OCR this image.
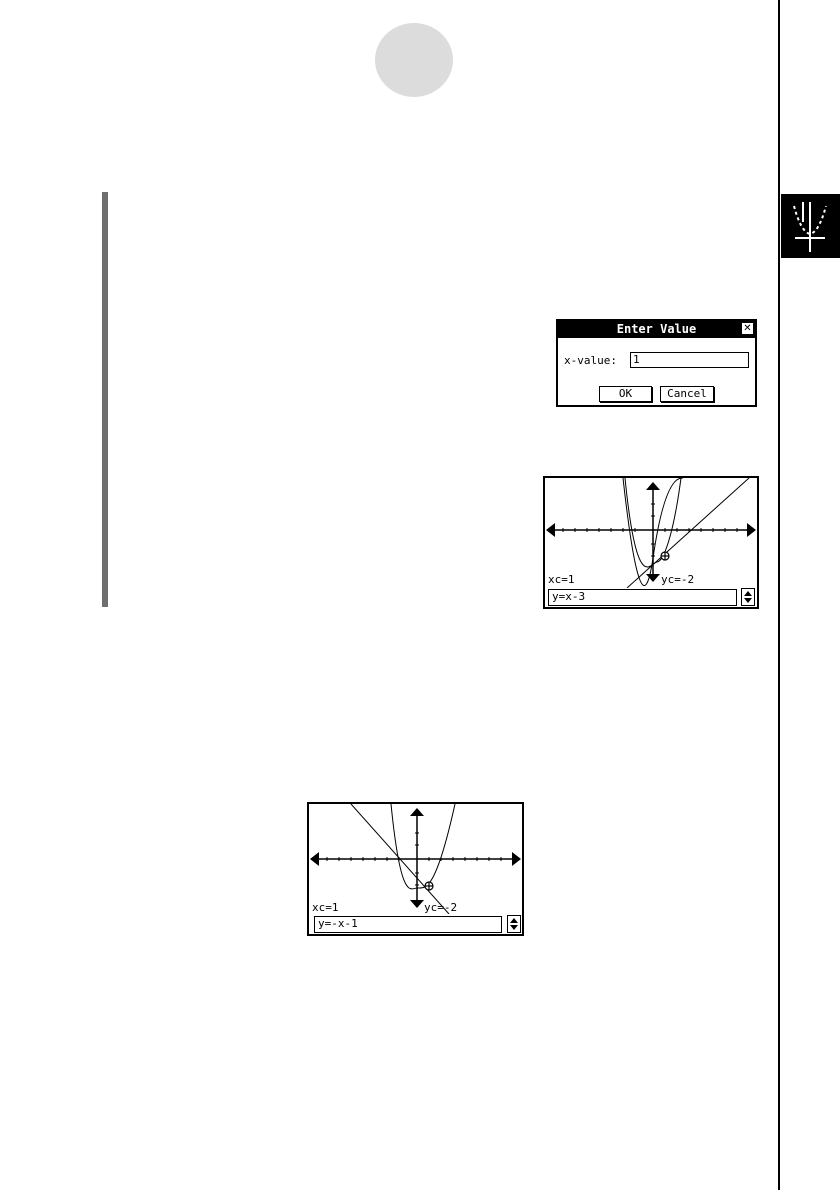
Enter Value	✕
x-value: 1
OK	Cancel
xc=1	yc=-2
y=x-3
xc=1	yc=-2
y=-x-1
